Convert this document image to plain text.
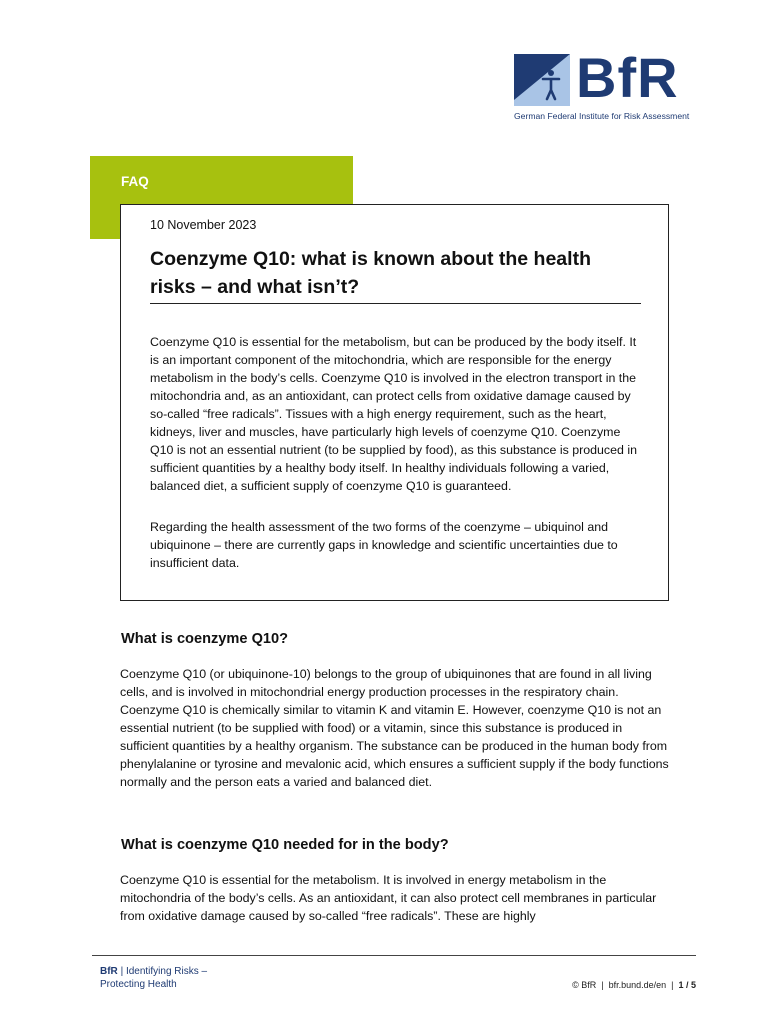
BfR
German Federal Institute for Risk Assessment
FAQ
10 November 2023
Coenzyme Q10: what is known about the health risks – and what isn’t?

Coenzyme Q10 is essential for the metabolism, but can be produced by the body itself. It is an important component of the mitochondria, which are responsible for the energy metabolism in the body’s cells. Coenzyme Q10 is involved in the electron transport in the mitochondria and, as an antioxidant, can protect cells from oxidative damage caused by so-called “free radicals”. Tissues with a high energy requirement, such as the heart, kidneys, liver and muscles, have particularly high levels of coenzyme Q10. Coenzyme Q10 is not an essential nutrient (to be supplied by food), as this substance is produced in sufficient quantities by a healthy body itself. In healthy individuals following a varied, balanced diet, a sufficient supply of coenzyme Q10 is guaranteed.

Regarding the health assessment of the two forms of the coenzyme – ubiquinol and ubiquinone – there are currently gaps in knowledge and scientific uncertainties due to insufficient data.

What is coenzyme Q10?

Coenzyme Q10 (or ubiquinone-10) belongs to the group of ubiquinones that are found in all living cells, and is involved in mitochondrial energy production processes in the respiratory chain. Coenzyme Q10 is chemically similar to vitamin K and vitamin E. However, coenzyme Q10 is not an essential nutrient (to be supplied with food) or a vitamin, since this substance is produced in sufficient quantities by a healthy organism. The substance can be produced in the human body from phenylalanine or tyrosine and mevalonic acid, which ensures a sufficient supply if the body functions normally and the person eats a varied and balanced diet.

What is coenzyme Q10 needed for in the body?

Coenzyme Q10 is essential for the metabolism. It is involved in energy metabolism in the mitochondria of the body’s cells. As an antioxidant, it can also protect cell membranes in particular from oxidative damage caused by so-called “free radicals”. These are highly

BfR | Identifying Risks –
Protecting Health	© BfR  |  bfr.bund.de/en  |  1 / 5
